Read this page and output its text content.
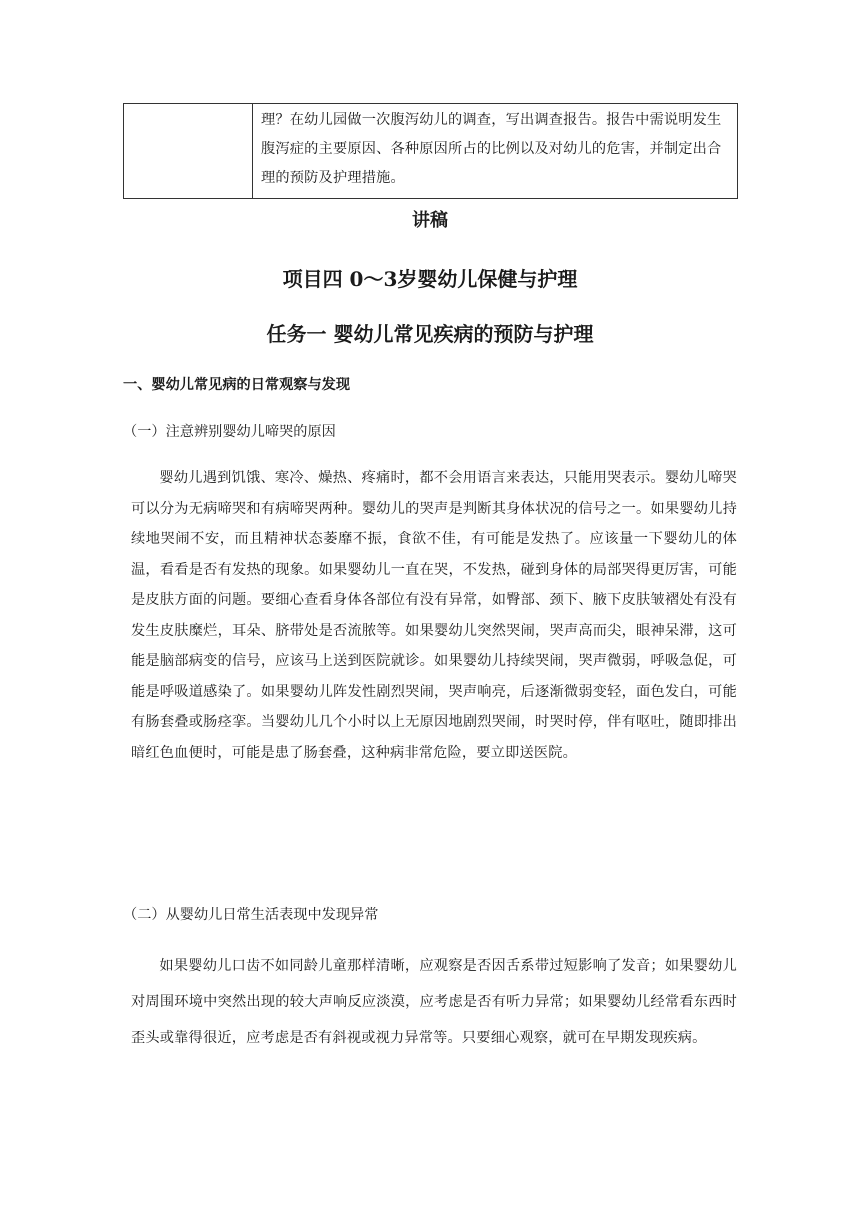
	理？在幼儿园做一次腹泻幼儿的调查，写出调查报告。报告中需说明发生腹泻症的主要原因、各种原因所占的比例以及对幼儿的危害，并制定出合理的预防及护理措施。
讲稿
项目四 0～3岁婴幼儿保健与护理
任务一 婴幼儿常见疾病的预防与护理
一、婴幼儿常见病的日常观察与发现
（一）注意辨别婴幼儿啼哭的原因
婴幼儿遇到饥饿、寒冷、燥热、疼痛时，都不会用语言来表达，只能用哭表示。婴幼儿啼哭可以分为无病啼哭和有病啼哭两种。婴幼儿的哭声是判断其身体状况的信号之一。如果婴幼儿持续地哭闹不安，而且精神状态萎靡不振，食欲不佳，有可能是发热了。应该量一下婴幼儿的体温，看看是否有发热的现象。如果婴幼儿一直在哭，不发热，碰到身体的局部哭得更厉害，可能是皮肤方面的问题。要细心查看身体各部位有没有异常，如臀部、颈下、腋下皮肤皱褶处有没有发生皮肤糜烂，耳朵、脐带处是否流脓等。如果婴幼儿突然哭闹，哭声高而尖，眼神呆滞，这可能是脑部病变的信号，应该马上送到医院就诊。如果婴幼儿持续哭闹，哭声微弱，呼吸急促，可能是呼吸道感染了。如果婴幼儿阵发性剧烈哭闹，哭声响亮，后逐渐微弱变轻，面色发白，可能有肠套叠或肠痉挛。当婴幼儿几个小时以上无原因地剧烈哭闹，时哭时停，伴有呕吐，随即排出暗红色血便时，可能是患了肠套叠，这种病非常危险，要立即送医院。
（二）从婴幼儿日常生活表现中发现异常
如果婴幼儿口齿不如同龄儿童那样清晰，应观察是否因舌系带过短影响了发音；如果婴幼儿对周围环境中突然出现的较大声响反应淡漠，应考虑是否有听力异常；如果婴幼儿经常看东西时歪头或靠得很近，应考虑是否有斜视或视力异常等。只要细心观察，就可在早期发现疾病。
